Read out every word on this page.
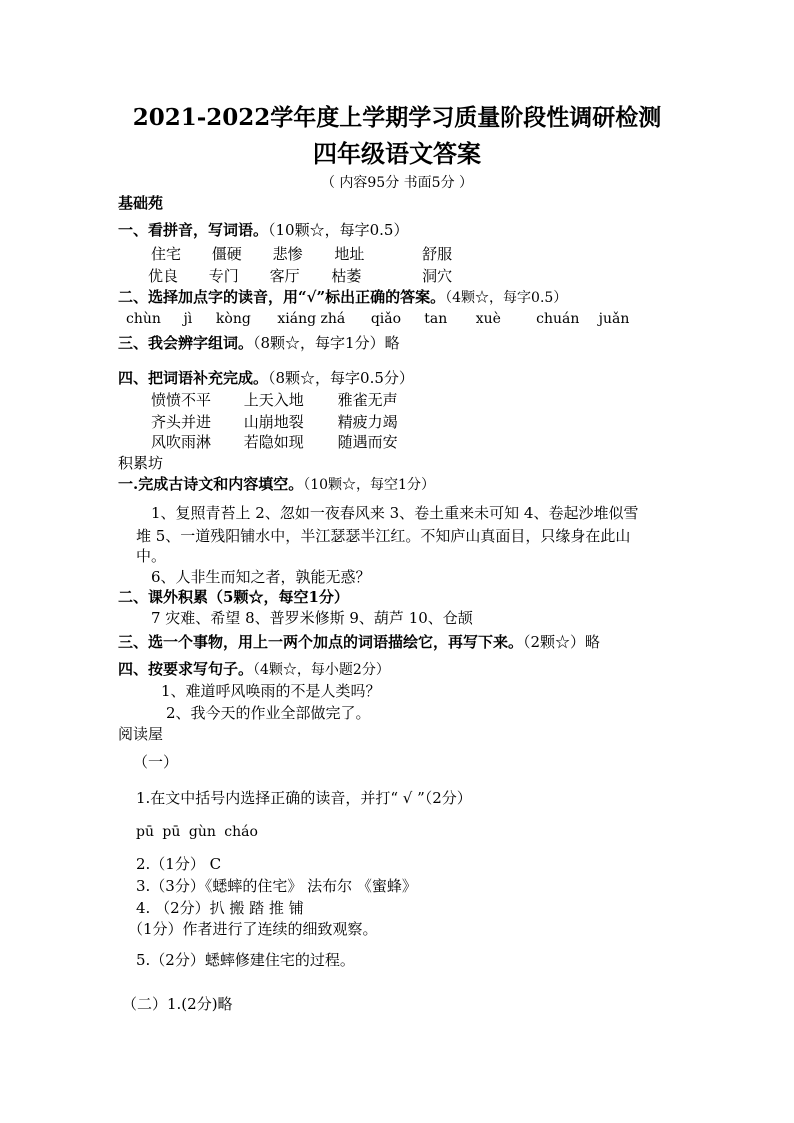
2021-2022学年度上学期学习质量阶段性调研检测
四年级语文答案
（ 内容95分 书面5分 ）
基础苑
一、看拼音，写词语。（10颗☆，每字0.5）
住宅 僵硬 悲惨 地址	舒服
优良 专门 客厅 枯萎	洞穴
二、选择加点字的读音，用“√”标出正确的答案。（4颗☆，每字0.5）
chùn jì kòng xiáng zhá qiǎo tan xuè	chuán juǎn
三、我会辨字组词。（8颗☆，每字1分）略
四、把词语补充完成。（8颗☆，每字0.5分）
愤愤不平 上天入地 雅雀无声
齐头并进 山崩地裂 精疲力竭
风吹雨淋 若隐如现 随遇而安
积累坊
一.完成古诗文和内容填空。（10颗☆，每空1分）
1、复照青苔上 2、忽如一夜春风来 3、卷土重来未可知 4、卷起沙堆似雪
堆 5、一道残阳铺水中，半江瑟瑟半江红。不知庐山真面目，只缘身在此山
中。
6、人非生而知之者，孰能无惑？
二、课外积累（5颗☆，每空1分）
7 灾难、希望 8、普罗米修斯 9、葫芦 10、仓颉
三、选一个事物，用上一两个加点的词语描绘它，再写下来。（2颗☆）略
四、按要求写句子。（4颗☆，每小题2分）
1、难道呼风唤雨的不是人类吗？
2、我今天的作业全部做完了。
阅读屋
（一）
1.在文中括号内选择正确的读音，并打“ √ ”（2分）
pū pū gùn cháo
2.（1分） C
3.（3分）《蟋蟀的住宅》 法布尔 《蜜蜂》
4. （2分）扒 搬 踏 推 铺
（1分）作者进行了连续的细致观察。
5.（2分）蟋蟀修建住宅的过程。
（二）1.(2分)略
